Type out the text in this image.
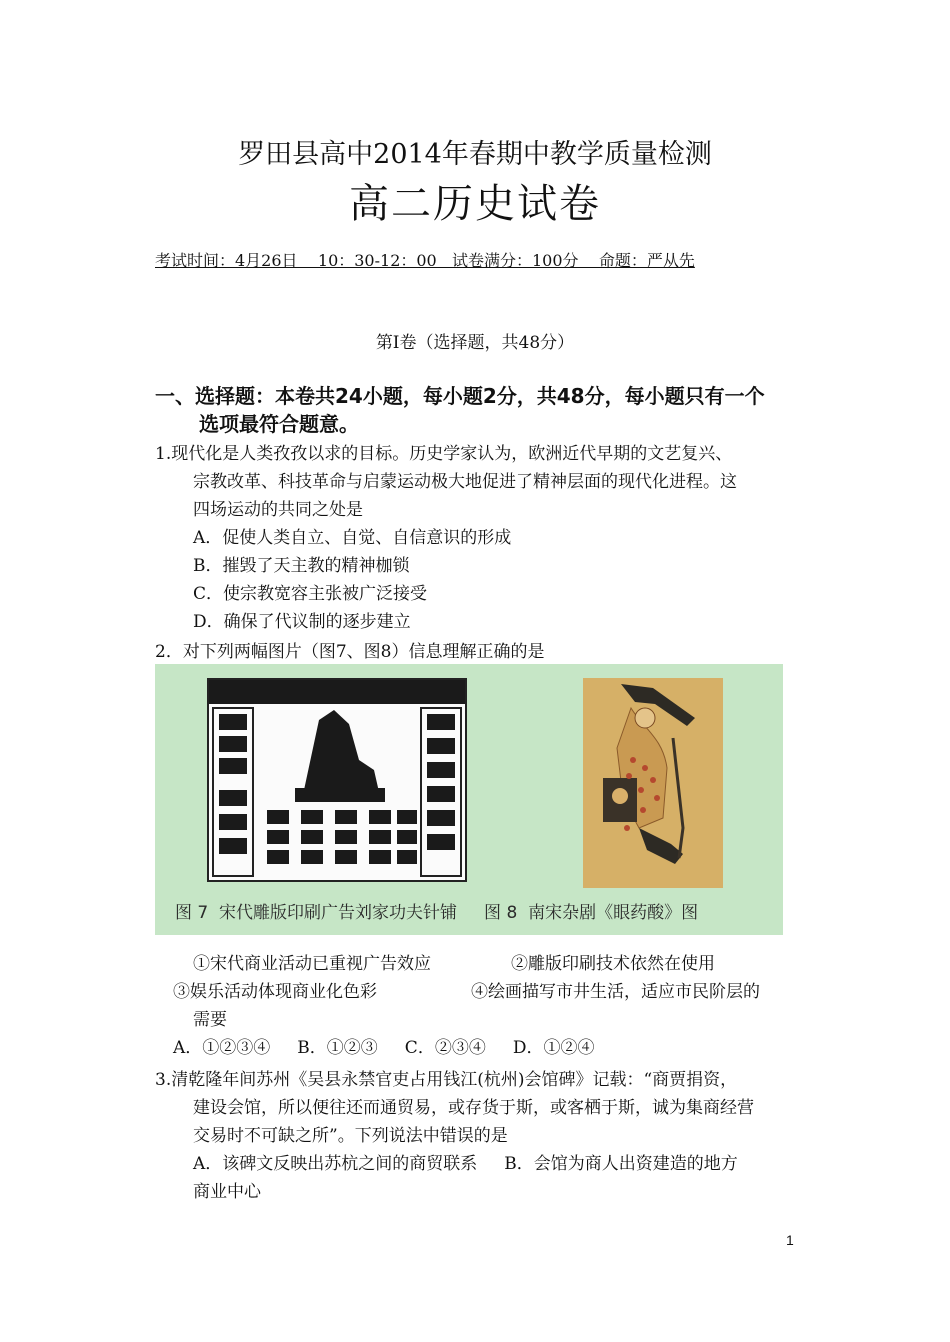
罗田县高中2014年春期中教学质量检测
高二历史试卷
考试时间：4月26日    10：30-12：00   试卷满分：100分    命题：严从先
第Ⅰ卷（选择题，共48分）
一、选择题：本卷共24小题，每小题2分，共48分，每小题只有一个
选项最符合题意。
1.现代化是人类孜孜以求的目标。历史学家认为，欧洲近代早期的文艺复兴、
宗教改革、科技革命与启蒙运动极大地促进了精神层面的现代化进程。这
四场运动的共同之处是
A．促使人类自立、自觉、自信意识的形成
B．摧毁了天主教的精神枷锁
C．使宗教宽容主张被广泛接受
D．确保了代议制的逐步建立
2．对下列两幅图片（图7、图8）信息理解正确的是
图 7  宋代雕版印刷广告刘家功夫针铺     图 8  南宋杂剧《眼药酸》图
①宋代商业活动已重视广告效应	②雕版印刷技术依然在使用
③娱乐活动体现商业化色彩	④绘画描写市井生活，适应市民阶层的
需要
A．①②③④     B．①②③     C．②③④     D．①②④
3.清乾隆年间苏州《吴县永禁官吏占用钱江(杭州)会馆碑》记载：“商贾捐资，
建设会馆，所以便往还而通贸易，或存货于斯，或客栖于斯，诚为集商经营
交易时不可缺之所”。下列说法中错误的是
A．该碑文反映出苏杭之间的商贸联系     B．会馆为商人出资建造的地方
商业中心
1
